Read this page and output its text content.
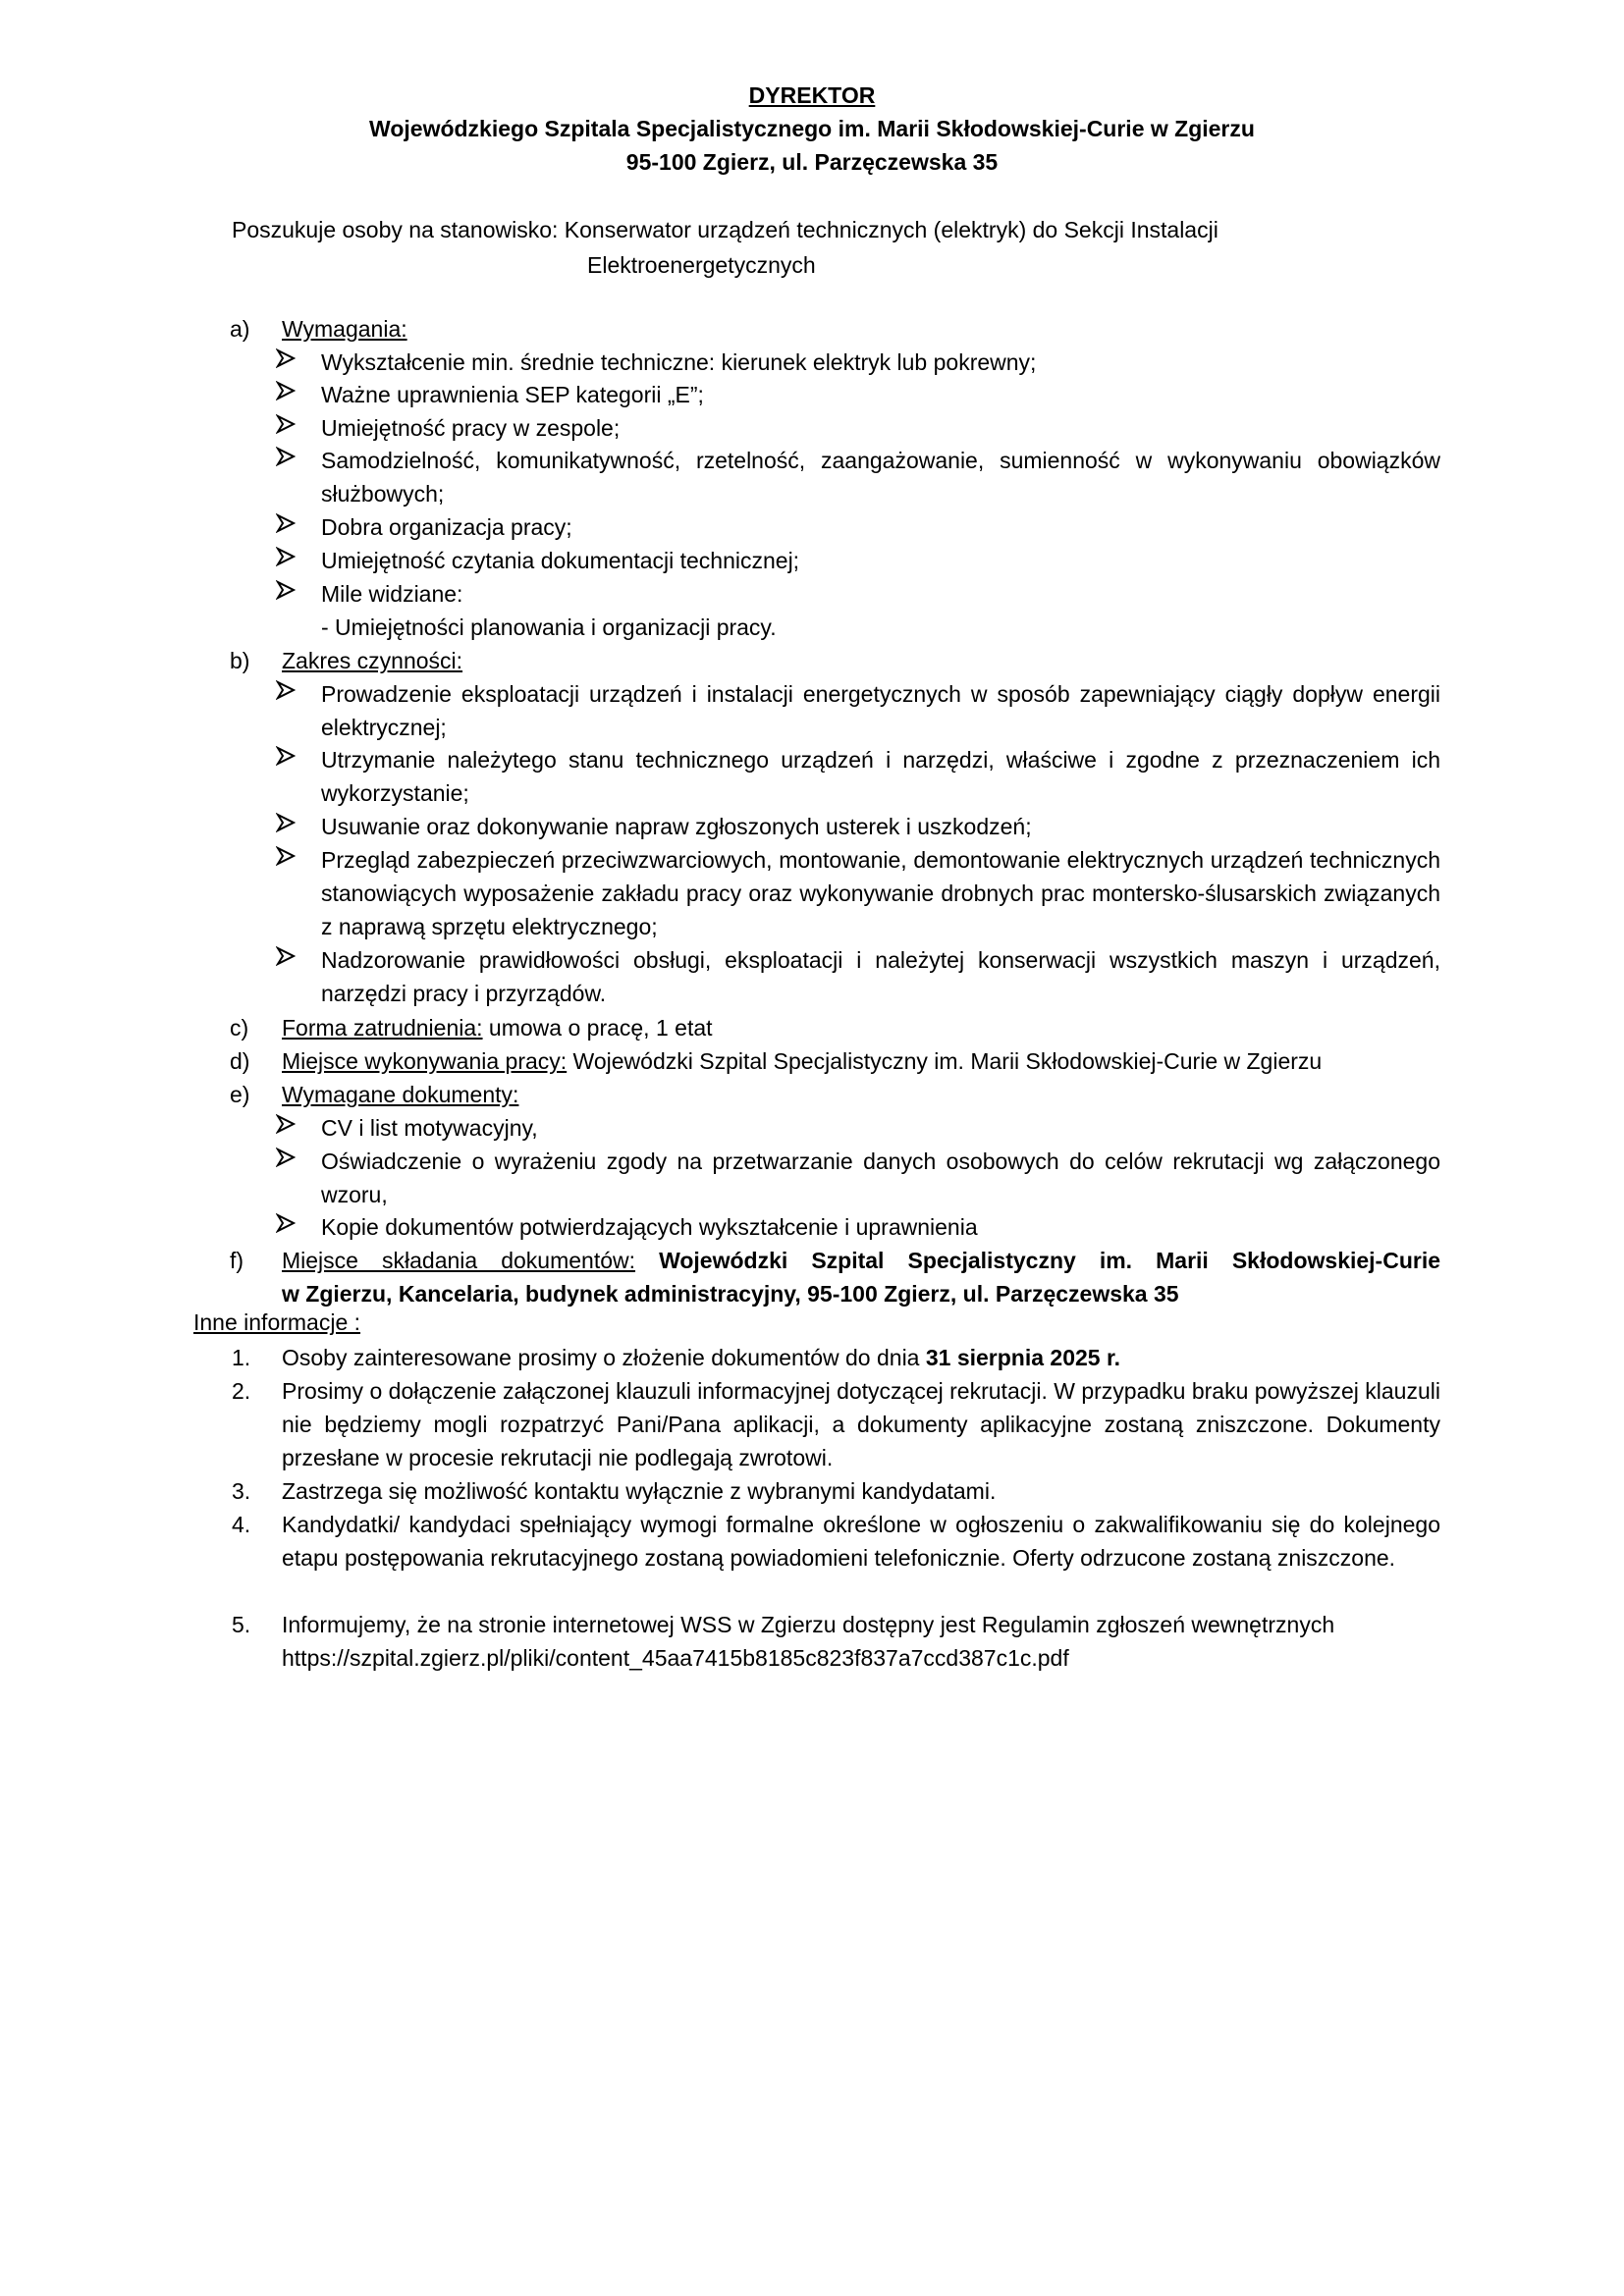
DYREKTOR
Wojewódzkiego Szpitala Specjalistycznego im. Marii Skłodowskiej-Curie w Zgierzu
95-100 Zgierz, ul. Parzęczewska 35
Poszukuje osoby na stanowisko: Konserwator urządzeń technicznych (elektryk) do Sekcji Instalacji
Elektroenergetycznych
a) Wymagania:
Wykształcenie min. średnie techniczne: kierunek elektryk lub pokrewny;
Ważne uprawnienia SEP kategorii „E”;
Umiejętność pracy w zespole;
Samodzielność, komunikatywność, rzetelność, zaangażowanie, sumienność w wykonywaniu obowiązków służbowych;
Dobra organizacja pracy;
Umiejętność czytania dokumentacji technicznej;
Mile widziane:
- Umiejętności planowania i organizacji pracy.
b) Zakres czynności:
Prowadzenie eksploatacji urządzeń i instalacji energetycznych w sposób zapewniający ciągły dopływ energii elektrycznej;
Utrzymanie należytego stanu technicznego urządzeń i narzędzi, właściwe i zgodne z przeznaczeniem ich wykorzystanie;
Usuwanie oraz dokonywanie napraw zgłoszonych usterek i uszkodzeń;
Przegląd zabezpieczeń przeciwzwarciowych, montowanie, demontowanie elektrycznych urządzeń technicznych stanowiących wyposażenie zakładu pracy oraz wykonywanie drobnych prac montersko-ślusarskich związanych z naprawą sprzętu elektrycznego;
Nadzorowanie prawidłowości obsługi, eksploatacji i należytej konserwacji wszystkich maszyn i urządzeń, narzędzi pracy i przyrządów.
c) Forma zatrudnienia: umowa o pracę, 1 etat
d) Miejsce wykonywania pracy: Wojewódzki Szpital Specjalistyczny im. Marii Skłodowskiej-Curie w Zgierzu
e) Wymagane dokumenty:
CV i list motywacyjny,
Oświadczenie o wyrażeniu zgody na przetwarzanie danych osobowych do celów rekrutacji wg załączonego wzoru,
Kopie dokumentów potwierdzających wykształcenie i uprawnienia
f) Miejsce składania dokumentów: Wojewódzki Szpital Specjalistyczny im. Marii Skłodowskiej-Curie
w Zgierzu, Kancelaria, budynek administracyjny, 95-100 Zgierz, ul. Parzęczewska 35
Inne informacje :
1. Osoby zainteresowane prosimy o złożenie dokumentów do dnia 31 sierpnia 2025 r.
2. Prosimy o dołączenie załączonej klauzuli informacyjnej dotyczącej rekrutacji. W przypadku braku powyższej klauzuli nie będziemy mogli rozpatrzyć Pani/Pana aplikacji, a dokumenty aplikacyjne zostaną zniszczone. Dokumenty przesłane w procesie rekrutacji nie podlegają zwrotowi.
3. Zastrzega się możliwość kontaktu wyłącznie z wybranymi kandydatami.
4. Kandydatki/ kandydaci spełniający wymogi formalne określone w ogłoszeniu o zakwalifikowaniu się do kolejnego etapu postępowania rekrutacyjnego zostaną powiadomieni telefonicznie. Oferty odrzucone zostaną zniszczone.
5. Informujemy, że na stronie internetowej WSS w Zgierzu dostępny jest Regulamin zgłoszeń wewnętrznych https://szpital.zgierz.pl/pliki/content_45aa7415b8185c823f837a7ccd387c1c.pdf
